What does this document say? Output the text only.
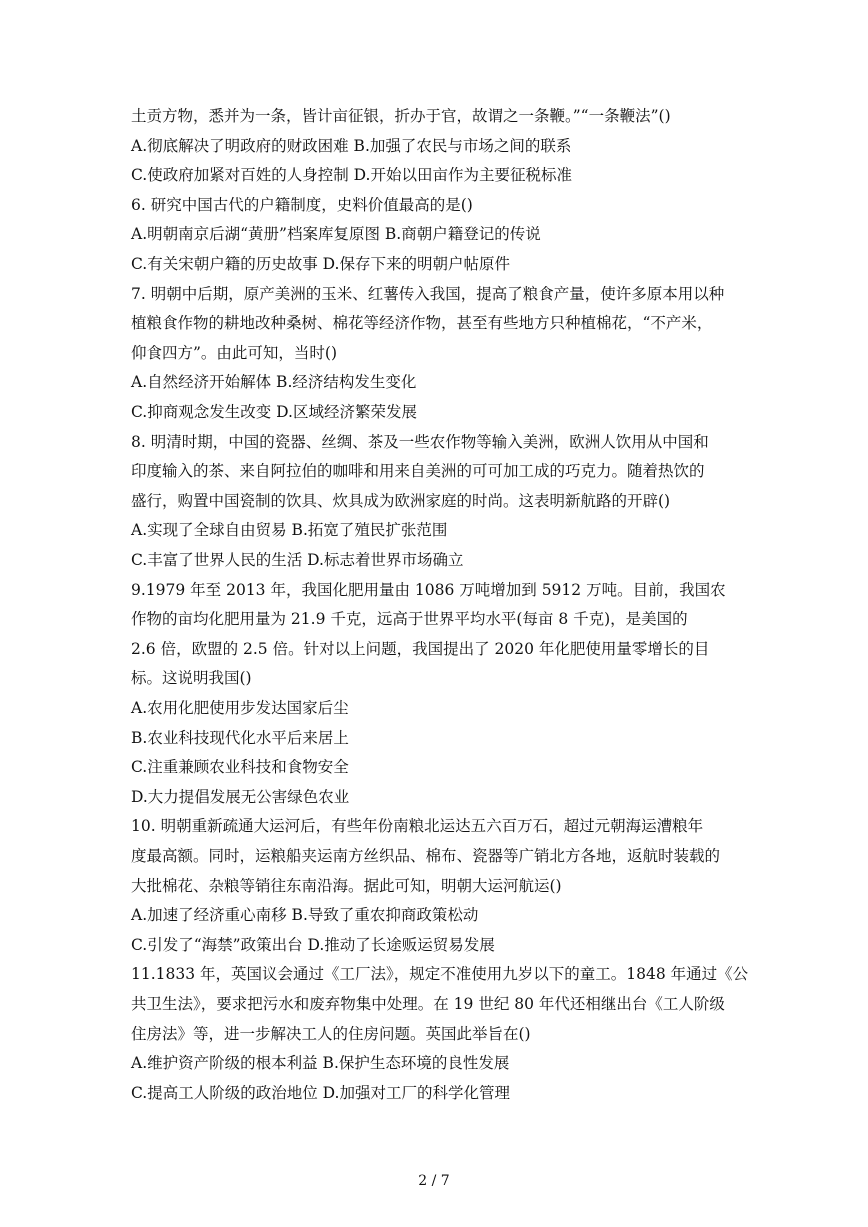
土贡方物，悉并为一条，皆计亩征银，折办于官，故谓之一条鞭。”“一条鞭法”()
A.彻底解决了明政府的财政困难 B.加强了农民与市场之间的联系
C.使政府加紧对百姓的人身控制 D.开始以田亩作为主要征税标准
6. 研究中国古代的户籍制度，史料价值最高的是()
A.明朝南京后湖“黄册”档案库复原图 B.商朝户籍登记的传说
C.有关宋朝户籍的历史故事 D.保存下来的明朝户帖原件
7. 明朝中后期，原产美洲的玉米、红薯传入我国，提高了粮食产量，使许多原本用以种
植粮食作物的耕地改种桑树、棉花等经济作物，甚至有些地方只种植棉花，“不产米，
仰食四方”。由此可知，当时()
A.自然经济开始解体 B.经济结构发生变化
C.抑商观念发生改变 D.区域经济繁荣发展
8. 明清时期，中国的瓷器、丝绸、茶及一些农作物等输入美洲，欧洲人饮用从中国和
印度输入的茶、来自阿拉伯的咖啡和用来自美洲的可可加工成的巧克力。随着热饮的
盛行，购置中国瓷制的饮具、炊具成为欧洲家庭的时尚。这表明新航路的开辟()
A.实现了全球自由贸易 B.拓宽了殖民扩张范围
C.丰富了世界人民的生活 D.标志着世界市场确立
9.1979 年至 2013 年，我国化肥用量由 1086 万吨增加到 5912 万吨。目前，我国农
作物的亩均化肥用量为 21.9 千克，远高于世界平均水平(每亩 8 千克)，是美国的
2.6 倍，欧盟的 2.5 倍。针对以上问题，我国提出了 2020 年化肥使用量零增长的目
标。这说明我国()
A.农用化肥使用步发达国家后尘
B.农业科技现代化水平后来居上
C.注重兼顾农业科技和食物安全
D.大力提倡发展无公害绿色农业
10. 明朝重新疏通大运河后，有些年份南粮北运达五六百万石，超过元朝海运漕粮年
度最高额。同时，运粮船夹运南方丝织品、棉布、瓷器等广销北方各地，返航时装载的
大批棉花、杂粮等销往东南沿海。据此可知，明朝大运河航运()
A.加速了经济重心南移 B.导致了重农抑商政策松动
C.引发了“海禁”政策出台 D.推动了长途贩运贸易发展
11.1833 年，英国议会通过《工厂法》，规定不准使用九岁以下的童工。1848 年通过《公
共卫生法》，要求把污水和废弃物集中处理。在 19 世纪 80 年代还相继出台《工人阶级
住房法》等，进一步解决工人的住房问题。英国此举旨在()
A.维护资产阶级的根本利益 B.保护生态环境的良性发展
C.提高工人阶级的政治地位 D.加强对工厂的科学化管理
2 / 7
